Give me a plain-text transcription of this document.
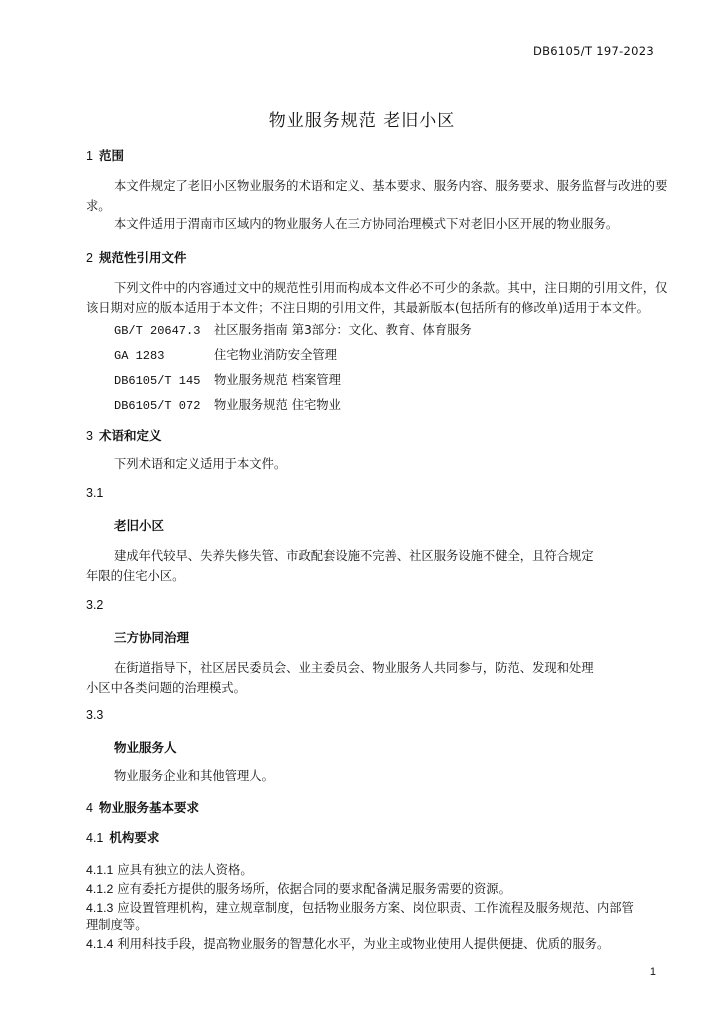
DB6105/T 197-2023
物业服务规范 老旧小区
1 范围
本文件规定了老旧小区物业服务的术语和定义、基本要求、服务内容、服务要求、服务监督与改进的要
求。
本文件适用于渭南市区域内的物业服务人在三方协同治理模式下对老旧小区开展的物业服务。
2 规范性引用文件
下列文件中的内容通过文中的规范性引用而构成本文件必不可少的条款。其中，注日期的引用文件，仅
该日期对应的版本适用于本文件；不注日期的引用文件，其最新版本(包括所有的修改单)适用于本文件。
GB/T 20647.3 社区服务指南 第3部分：文化、教育、体育服务
GA 1283	住宅物业消防安全管理
DB6105/T 145 物业服务规范 档案管理
DB6105/T 072 物业服务规范 住宅物业
3 术语和定义
下列术语和定义适用于本文件。
3.1
老旧小区
建成年代较早、失养失修失管、市政配套设施不完善、社区服务设施不健全，且符合规定
年限的住宅小区。
3.2
三方协同治理
在街道指导下，社区居民委员会、业主委员会、物业服务人共同参与，防范、发现和处理
小区中各类问题的治理模式。
3.3
物业服务人
物业服务企业和其他管理人。
4 物业服务基本要求
4.1 机构要求
4.1.1 应具有独立的法人资格。
4.1.2 应有委托方提供的服务场所，依据合同的要求配备满足服务需要的资源。
4.1.3 应设置管理机构，建立规章制度，包括物业服务方案、岗位职责、工作流程及服务规范、内部管
理制度等。
4.1.4 利用科技手段，提高物业服务的智慧化水平，为业主或物业使用人提供便捷、优质的服务。
1
